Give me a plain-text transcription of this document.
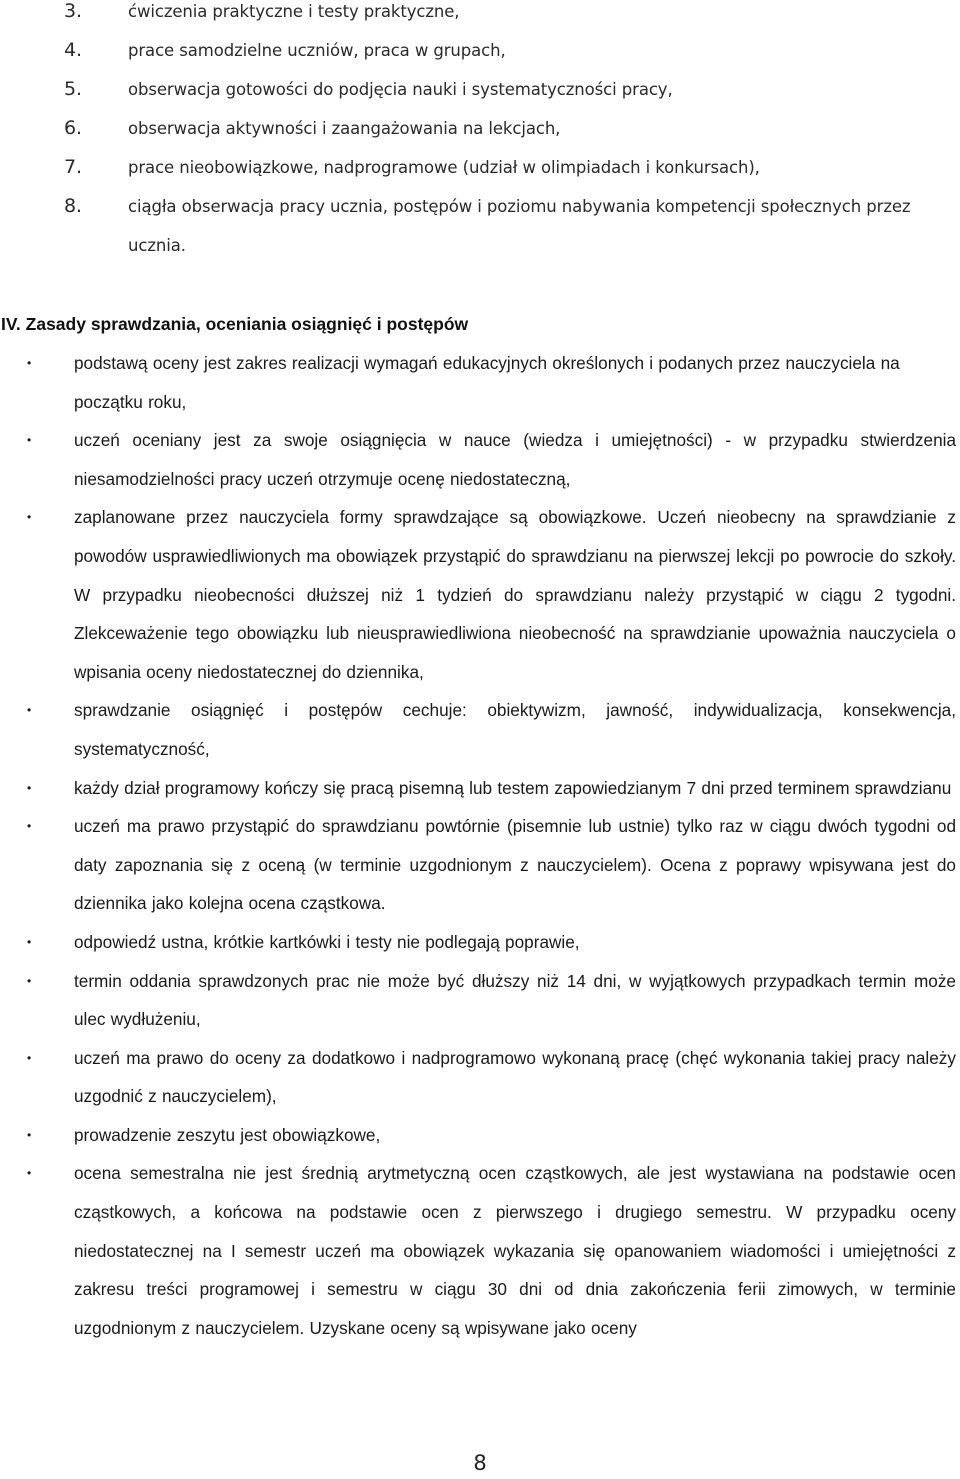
3.	ćwiczenia praktyczne i testy praktyczne,
4.	prace samodzielne uczniów, praca w grupach,
5.	obserwacja gotowości do podjęcia nauki i systematyczności pracy,
6.	obserwacja aktywności i zaangażowania na lekcjach,
7.	prace nieobowiązkowe, nadprogramowe (udział w olimpiadach i konkursach),
8.	ciągła obserwacja pracy ucznia, postępów i poziomu nabywania kompetencji społecznych przez ucznia.
IV. Zasady sprawdzania, oceniania osiągnięć i postępów
• podstawą oceny jest zakres realizacji wymagań edukacyjnych określonych i podanych przez nauczyciela na początku roku,
• uczeń oceniany jest za swoje osiągnięcia w nauce (wiedza i umiejętności) - w przypadku stwierdzenia niesamodzielności pracy uczeń otrzymuje ocenę niedostateczną,
• zaplanowane przez nauczyciela formy sprawdzające są obowiązkowe. Uczeń nieobecny na sprawdzianie z powodów usprawiedliwionych ma obowiązek przystąpić do sprawdzianu na pierwszej lekcji po powrocie do szkoły. W przypadku nieobecności dłuższej niż 1 tydzień do sprawdzianu należy przystąpić w ciągu 2 tygodni. Zlekceważenie tego obowiązku lub nieusprawiedliwiona nieobecność na sprawdzianie upoważnia nauczyciela o wpisania oceny niedostatecznej do dziennika,
• sprawdzanie osiągnięć i postępów cechuje: obiektywizm, jawność, indywidualizacja, konsekwencja, systematyczność,
• każdy dział programowy kończy się pracą pisemną lub testem zapowiedzianym 7 dni przed terminem sprawdzianu
• uczeń ma prawo przystąpić do sprawdzianu powtórnie (pisemnie lub ustnie) tylko raz w ciągu dwóch tygodni od daty zapoznania się z oceną (w terminie uzgodnionym z nauczycielem). Ocena z poprawy wpisywana jest do dziennika jako kolejna ocena cząstkowa.
• odpowiedź ustna, krótkie kartkówki i testy nie podlegają poprawie,
• termin oddania sprawdzonych prac nie może być dłuższy niż 14 dni, w wyjątkowych przypadkach termin może ulec wydłużeniu,
• uczeń ma prawo do oceny za dodatkowo i nadprogramowo wykonaną pracę (chęć wykonania takiej pracy należy uzgodnić z nauczycielem),
• prowadzenie zeszytu jest obowiązkowe,
• ocena semestralna nie jest średnią arytmetyczną ocen cząstkowych, ale jest wystawiana na podstawie ocen cząstkowych, a końcowa na podstawie ocen z pierwszego i drugiego semestru. W przypadku oceny niedostatecznej na I semestr uczeń ma obowiązek wykazania się opanowaniem wiadomości i umiejętności z zakresu treści programowej i semestru w ciągu 30 dni od dnia zakończenia ferii zimowych, w terminie uzgodnionym z nauczycielem. Uzyskane oceny są wpisywane jako oceny
8
